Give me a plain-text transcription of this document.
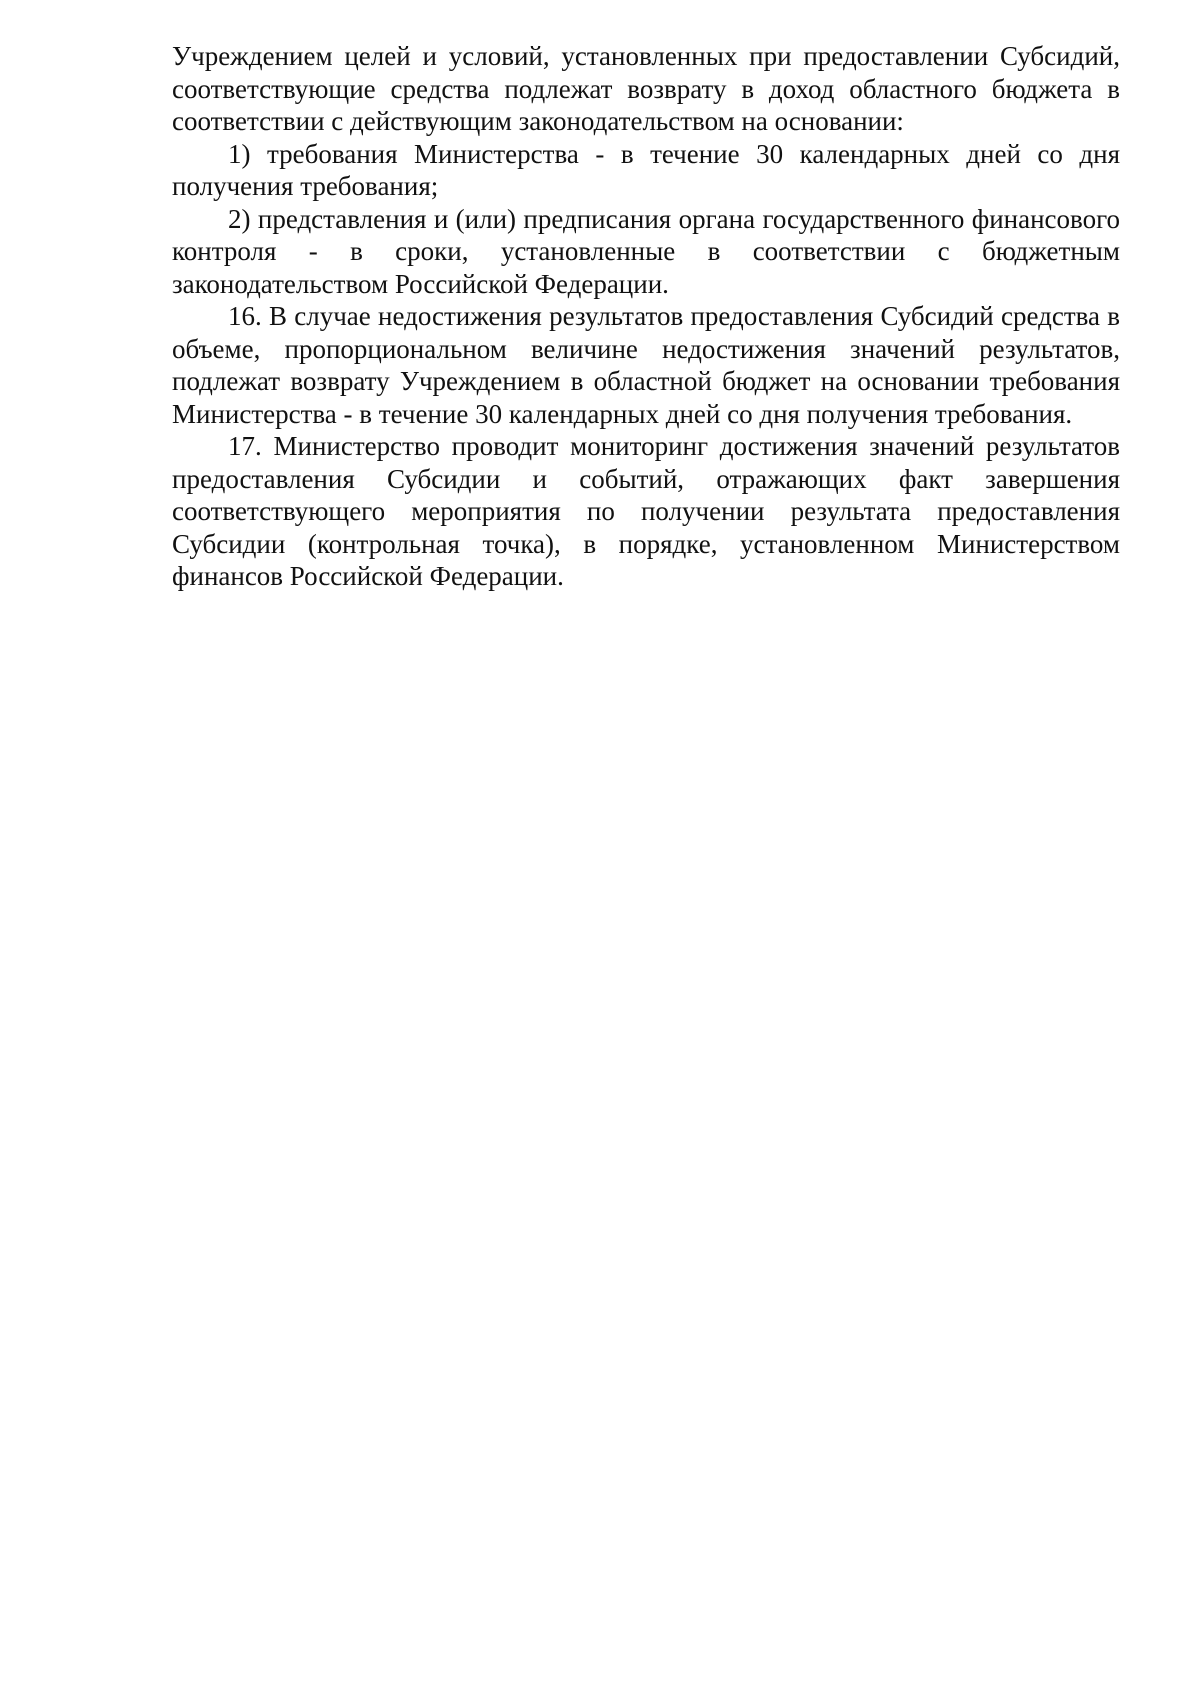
Учреждением целей и условий, установленных при предоставлении Субсидий, соответствующие средства подлежат возврату в доход областного бюджета в соответствии с действующим законодательством на основании:

1) требования Министерства - в течение 30 календарных дней со дня получения требования;

2) представления и (или) предписания органа государственного финансового контроля - в сроки, установленные в соответствии с бюджетным законодательством Российской Федерации.

16. В случае недостижения результатов предоставления Субсидий средства в объеме, пропорциональном величине недостижения значений результатов, подлежат возврату Учреждением в областной бюджет на основании требования Министерства - в течение 30 календарных дней со дня получения требования.

17. Министерство проводит мониторинг достижения значений результатов предоставления Субсидии и событий, отражающих факт завершения соответствующего мероприятия по получении результата предоставления Субсидии (контрольная точка), в порядке, установленном Министерством финансов Российской Федерации.
